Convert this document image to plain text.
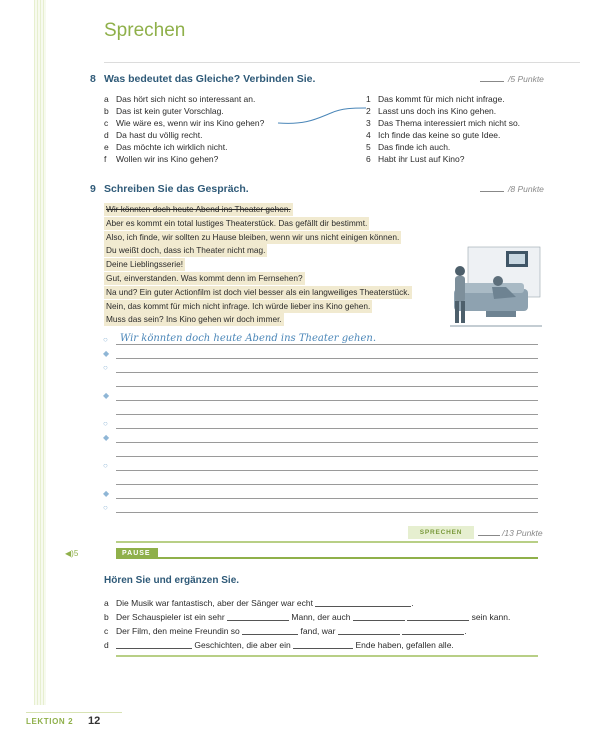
Sprechen
8 Was bedeutet das Gleiche? Verbinden Sie.	/5 Punkte
a Das hört sich nicht so interessant an.
b Das ist kein guter Vorschlag.
c Wie wäre es, wenn wir ins Kino gehen?
d Da hast du völlig recht.
e Das möchte ich wirklich nicht.
f Wollen wir ins Kino gehen?
1 Das kommt für mich nicht infrage.
2 Lasst uns doch ins Kino gehen.
3 Das Thema interessiert mich nicht so.
4 Ich finde das keine so gute Idee.
5 Das finde ich auch.
6 Habt ihr Lust auf Kino?
9 Schreiben Sie das Gespräch.	/8 Punkte
Wir könnten doch heute Abend ins Theater gehen.
Aber es kommt ein total lustiges Theaterstück. Das gefällt dir bestimmt.
Also, ich finde, wir sollten zu Hause bleiben, wenn wir uns nicht einigen können.
Du weißt doch, dass ich Theater nicht mag.
Deine Lieblingsserie!
Gut, einverstanden. Was kommt denn im Fernsehen?
Na und? Ein guter Actionfilm ist doch viel besser als ein langweiliges Theaterstück.
Nein, das kommt für mich nicht infrage. Ich würde lieber ins Kino gehen.
Muss das sein? Ins Kino gehen wir doch immer.
○ Wir könnten doch heute Abend ins Theater gehen.
◆
○
◆
○
◆
○
◆
○
SPRECHEN	/13 Punkte
◀)5	PAUSE
Hören Sie und ergänzen Sie.
a Die Musik war fantastisch, aber der Sänger war echt	.
b Der Schauspieler ist ein sehr	Mann, der auch	sein kann.
c Der Film, den meine Freundin so	fand, war	.
d	Geschichten, die aber ein	Ende haben, gefallen alle.
LEKTION 2 12
